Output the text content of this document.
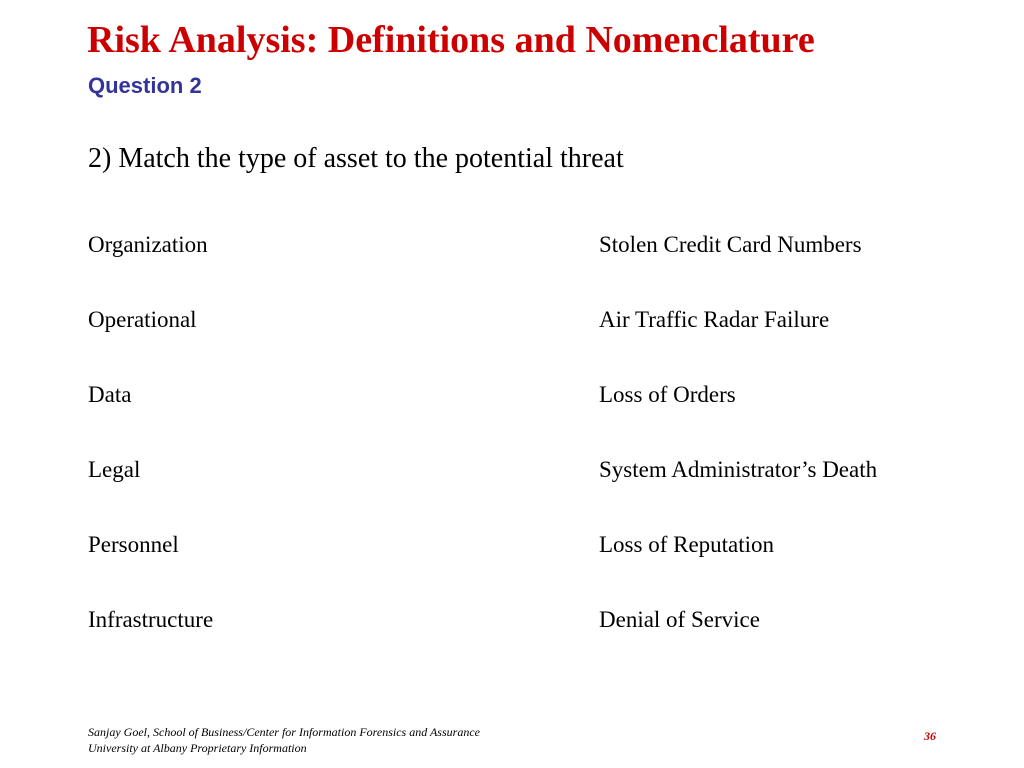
Risk Analysis: Definitions and Nomenclature
Question 2
2) Match the type of asset to the potential threat
Organization	Stolen Credit Card Numbers
Operational	Air Traffic Radar Failure
Data	Loss of Orders
Legal	System Administrator’s Death
Personnel	Loss of Reputation
Infrastructure	Denial of Service
Sanjay Goel, School of Business/Center for Information Forensics and Assurance
University at Albany Proprietary Information
36
